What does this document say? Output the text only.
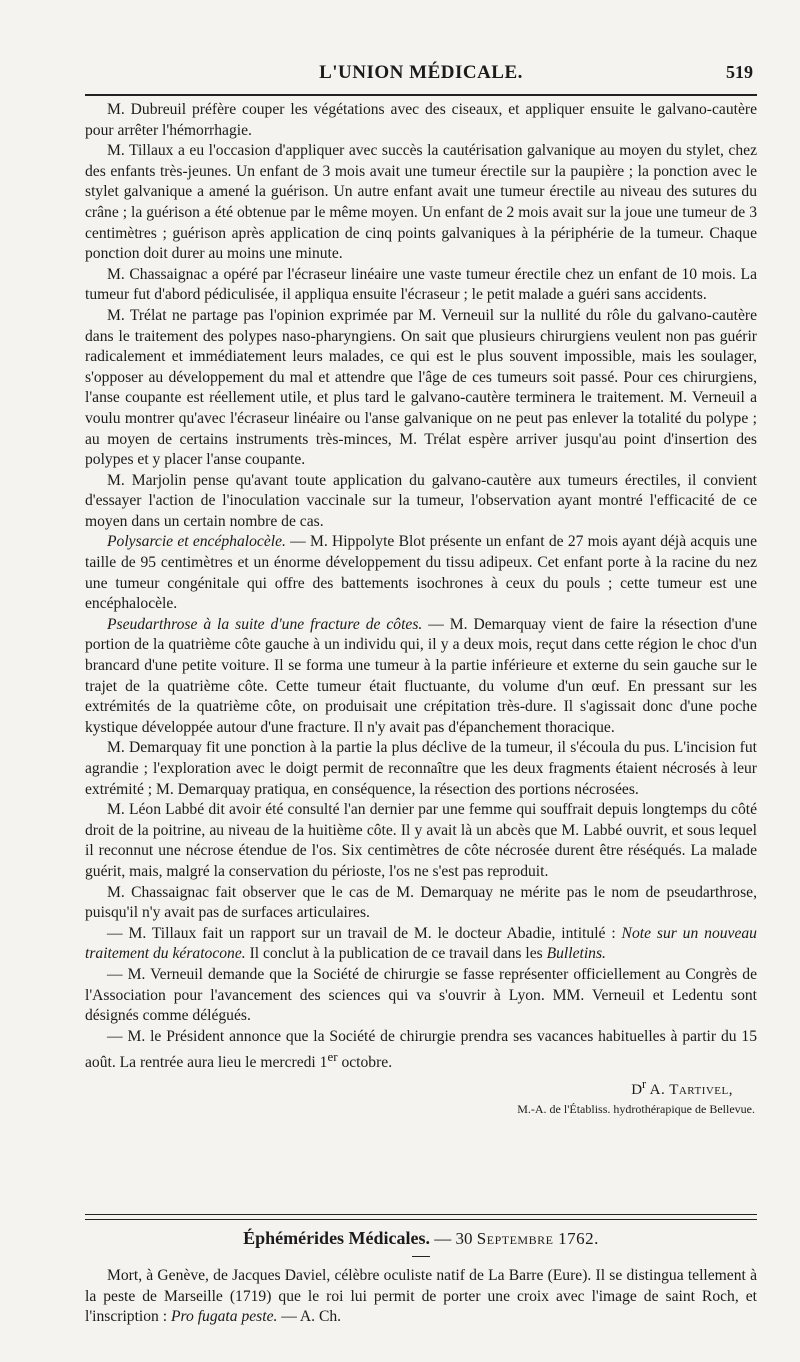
L'UNION MÉDICALE.	519

M. Dubreuil préfère couper les végétations avec des ciseaux, et appliquer ensuite le galvano-cautère pour arrêter l'hémorrhagie.

M. Tillaux a eu l'occasion d'appliquer avec succès la cautérisation galvanique au moyen du stylet, chez des enfants très-jeunes. Un enfant de 3 mois avait une tumeur érectile sur la paupière ; la ponction avec le stylet galvanique a amené la guérison. Un autre enfant avait une tumeur érectile au niveau des sutures du crâne ; la guérison a été obtenue par le même moyen. Un enfant de 2 mois avait sur la joue une tumeur de 3 centimètres ; guérison après application de cinq points galvaniques à la périphérie de la tumeur. Chaque ponction doit durer au moins une minute.

M. Chassaignac a opéré par l'écraseur linéaire une vaste tumeur érectile chez un enfant de 10 mois. La tumeur fut d'abord pédiculisée, il appliqua ensuite l'écraseur ; le petit malade a guéri sans accidents.

M. Trélat ne partage pas l'opinion exprimée par M. Verneuil sur la nullité du rôle du galvano-cautère dans le traitement des polypes naso-pharyngiens. On sait que plusieurs chirurgiens veulent non pas guérir radicalement et immédiatement leurs malades, ce qui est le plus souvent impossible, mais les soulager, s'opposer au développement du mal et attendre que l'âge de ces tumeurs soit passé. Pour ces chirurgiens, l'anse coupante est réellement utile, et plus tard le galvano-cautère terminera le traitement. M. Verneuil a voulu montrer qu'avec l'écraseur linéaire ou l'anse galvanique on ne peut pas enlever la totalité du polype ; au moyen de certains instruments très-minces, M. Trélat espère arriver jusqu'au point d'insertion des polypes et y placer l'anse coupante.

M. Marjolin pense qu'avant toute application du galvano-cautère aux tumeurs érectiles, il convient d'essayer l'action de l'inoculation vaccinale sur la tumeur, l'observation ayant montré l'efficacité de ce moyen dans un certain nombre de cas.

Polysarcie et encéphalocèle. — M. Hippolyte Blot présente un enfant de 27 mois ayant déjà acquis une taille de 95 centimètres et un énorme développement du tissu adipeux. Cet enfant porte à la racine du nez une tumeur congénitale qui offre des battements isochrones à ceux du pouls ; cette tumeur est une encéphalocèle.

Pseudarthrose à la suite d'une fracture de côtes. — M. Demarquay vient de faire la résection d'une portion de la quatrième côte gauche à un individu qui, il y a deux mois, reçut dans cette région le choc d'un brancard d'une petite voiture. Il se forma une tumeur à la partie inférieure et externe du sein gauche sur le trajet de la quatrième côte. Cette tumeur était fluctuante, du volume d'un œuf. En pressant sur les extrémités de la quatrième côte, on produisait une crépitation très-dure. Il s'agissait donc d'une poche kystique développée autour d'une fracture. Il n'y avait pas d'épanchement thoracique.

M. Demarquay fit une ponction à la partie la plus déclive de la tumeur, il s'écoula du pus. L'incision fut agrandie ; l'exploration avec le doigt permit de reconnaître que les deux fragments étaient nécrosés à leur extrémité ; M. Demarquay pratiqua, en conséquence, la résection des portions nécrosées.

M. Léon Labbé dit avoir été consulté l'an dernier par une femme qui souffrait depuis longtemps du côté droit de la poitrine, au niveau de la huitième côte. Il y avait là un abcès que M. Labbé ouvrit, et sous lequel il reconnut une nécrose étendue de l'os. Six centimètres de côte nécrosée durent être réséqués. La malade guérit, mais, malgré la conservation du périoste, l'os ne s'est pas reproduit.

M. Chassaignac fait observer que le cas de M. Demarquay ne mérite pas le nom de pseudarthrose, puisqu'il n'y avait pas de surfaces articulaires.

— M. Tillaux fait un rapport sur un travail de M. le docteur Abadie, intitulé : Note sur un nouveau traitement du kératocone. Il conclut à la publication de ce travail dans les Bulletins.

— M. Verneuil demande que la Société de chirurgie se fasse représenter officiellement au Congrès de l'Association pour l'avancement des sciences qui va s'ouvrir à Lyon. MM. Verneuil et Ledentu sont désignés comme délégués.

— M. le Président annonce que la Société de chirurgie prendra ses vacances habituelles à partir du 15 août. La rentrée aura lieu le mercredi 1er octobre.

$D^r$ A. Tartivel,

M.-A. de l'Établiss. hydrothérapique de Bellevue.

Éphémérides Médicales. — 30 Septembre 1762.

Mort, à Genève, de Jacques Daviel, célèbre oculiste natif de La Barre (Eure). Il se distingua tellement à la peste de Marseille (1719) que le roi lui permit de porter une croix avec l'image de saint Roch, et l'inscription : Pro fugata peste. — A. Ch.
